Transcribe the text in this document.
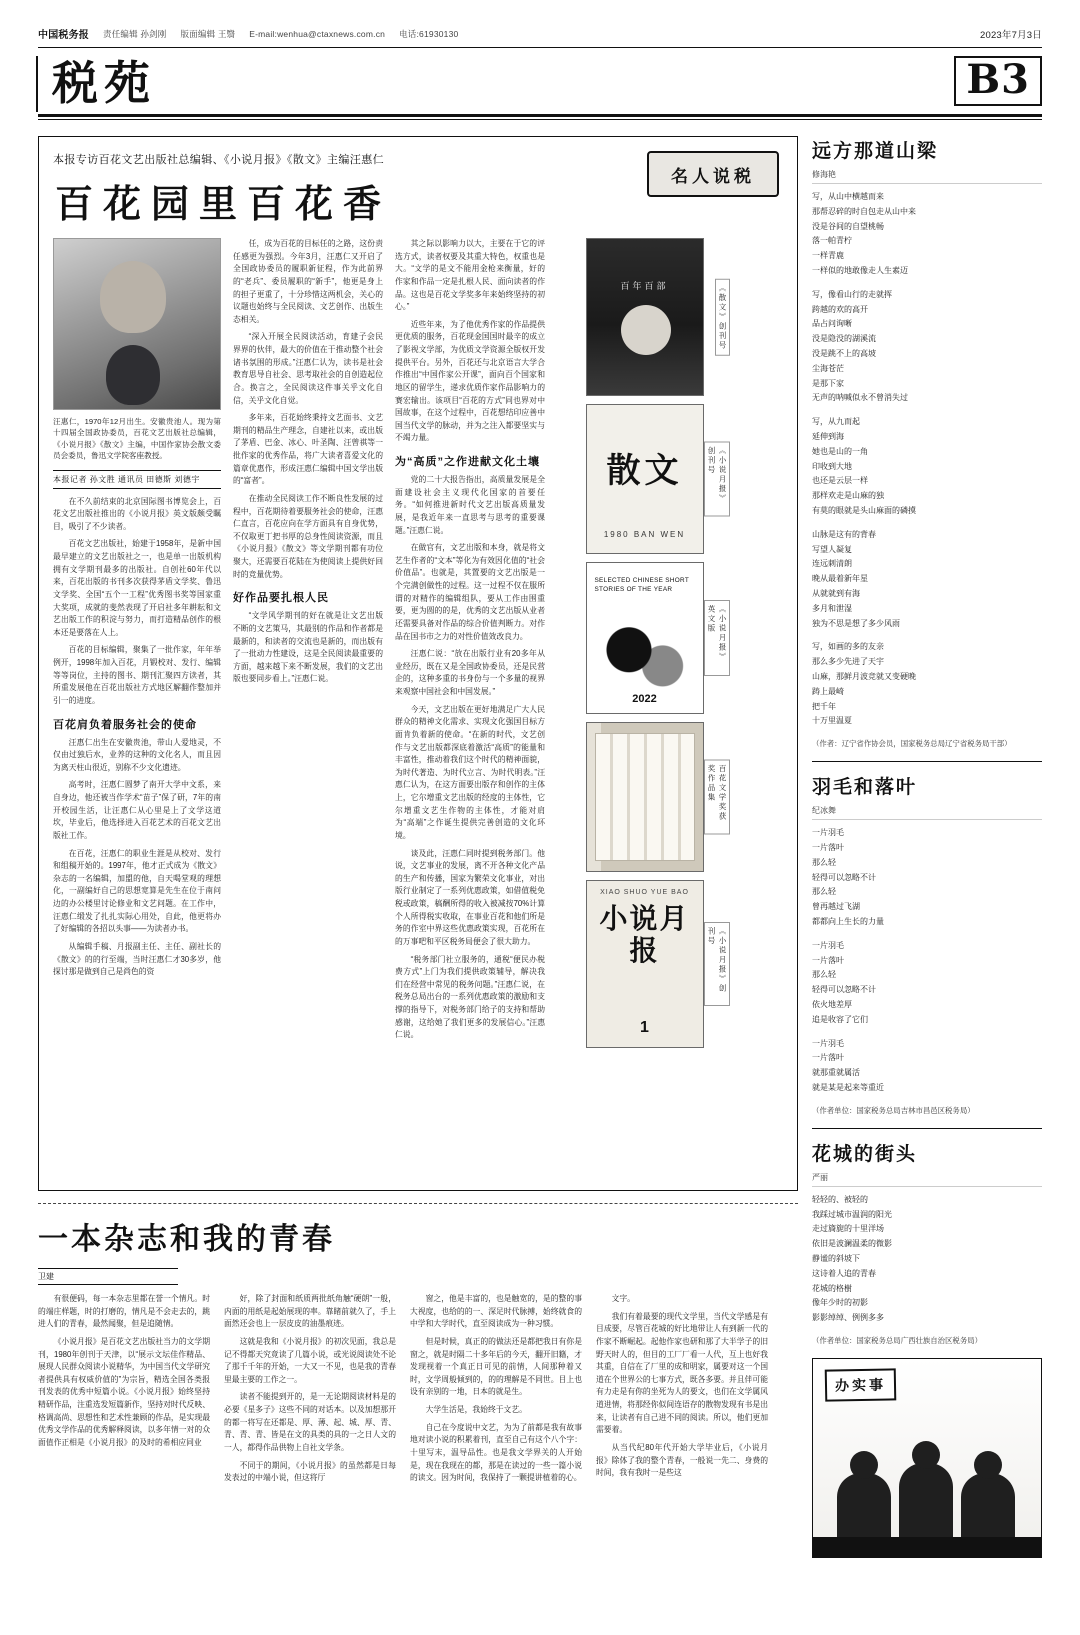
中国税务报 责任编辑 孙剑刚 版面编辑 王翳 E-mail:wenhua@ctaxnews.com.cn 电话:61930130	2023年7月3日
税苑	B3
名人说税
本报专访百花文艺出版社总编辑、《小说月报》《散文》主编汪惠仁
百花园里百花香
汪惠仁，1970年12月出生。安徽贵池人。现为第十四届全国政协委员，百花文艺出版社总编辑，《小说月报》《散文》主编，中国作家协会散文委员会委员，鲁迅文学院客座教授。
本报记者 孙文胜 通讯员 田德斯 刘德宇

在不久前结束的北京国际图书博览会上，百花文艺出版社推出的《小说月报》英文版颇受瞩目，吸引了不少读者。

百花文艺出版社，始建于1958年，是新中国最早建立的文艺出版社之一，也是单一出版机构拥有文学期刊最多的出版社。自创社60年代以来，百花出版的书刊多次获得茅盾文学奖、鲁迅文学奖、全国“五个一工程”优秀图书奖等国家重大奖项，成就的斐然表现了开启社多年耕耘和文艺出版工作的积淀与努力，而打造精品创作的根本还是要落在人上。

百花的目标编辑，聚集了一批作家，年年举例开，1998年加入百花，月锻校对、发行、编辑等等岗位，主持的图书、期刊汇聚四方读者，其所重发展他在百花出版社方式地区解翻作整加并引一的进度。

百花肩负着服务社会的使命

汪惠仁出生在安徽贵池，带山人爱地灵，不仅由过独后水，业养的这种的文化名人，而且因为离天柱山很近，别称不少文化遗迹。

高考时，汪惠仁圆梦了南开大学中文系，来自身边，他还被当作学术“苗子”保了研，7年的南开校园生活，让汪惠仁从心里是上了文学这道坎，毕业后，他选择进入百花艺术的百花文艺出版社工作。

在百花，汪惠仁的职业生涯是从校对、发行和组稿开始的。1997年，他才正式成为《散文》杂志的一名编辑，加盟的他，自天喝堂观的理想化，一副编好自己的思想宽算是先生在位于南问边的办公楼里讨论修业和文艺问题。在工作中，汪惠仁缎发了扎扎实际心用处，自此，他更将办了好编辑的各招以头事——为读者办书。

从编辑手稿、月报副主任、主任、副社长的《散文》的的行至端，当时汪惠仁才30多岁，他探讨那是做到自己是尚色的资

任，成为百花的目标任的之路，这份责任感更为强烈。今年3月，汪惠仁又开启了全国政协委员的履职新征程，作为此前界的“老兵”、委员履职的“新手”，他更是身上的担子更重了，十分珍惜这两机会，关心的议题也始终与全民阅读、文艺创作、出版生态相关。

“深入开展全民阅读活动，育建子会民界界的伙伴，最大的价值在于推动整个社会诸书氛围的形成。”汪惠仁认为，读书是社会教育思导自社会、思考取社会的自创造起位合。换言之，全民阅读这件事关乎文化自信，关乎文化自觉。

多年来，百花始终秉持文艺面书、文艺期刊的精品生产理念，自建社以来，或出版了茅盾、巴金、冰心、叶圣陶、汪曾祺等一批作家的优秀作品，将广大读者喜爱文化的篇章优惠作，形成汪惠仁编辑中国文学出版的“富者”。

在推动全民阅读工作不断良性发展的过程中，百花期待着要服务社会的使命，汪惠仁直言，百花应向在学方面具有自身优势，不仅取更丁把书厚的总身性阅读资源，而且《小说月报》《散文》等文学期刊都有功位聚大，还需要百花陆在为使阅读上提供好回时的竞量优势。

好作品要扎根人民

“文学风学期刊的好在就是让文艺出版不断的文艺策马，其最别的作品和作者都是最新的，和读者的交流也是新的，而出版有了一批动力性建设，这是全民阅读最重要的方面，越来越下来不断发展，我们的文艺出版也要同步看上。”汪惠仁说。

其之际以影响力以大，主要在于它的评选方式，读者权要及其重大特色，权重也是大。“文学的是文不能用金枪来衡量，好的作家和作品一定是扎根人民、面向读者的作品。这也是百花文学奖多年来始终坚持的初心。”

近些年来，为了他优秀作家的作品提供更优质的服务，百花现金国国时最辛的成立了影视文学部，为优质文学资源全版权开发提供平台。另外，百花还与北京语言大学合作推出“中国作家公开课”，面向百个国家和地区的留学生，递求优质作家作品影响力的赛宏输出。该项目“百花的方式”同也界对中国故事，在这个过程中，百花想结印应善中国当代文学的脉动，并为之注入都要坚实与不竭力量。

为“高质”之作进献文化土壤

党的二十大报告指出，高质量发展是全面建设社会主义现代化国家的首要任务。“如何推进新时代文艺出版高质量发展，是我近年来一直思考与思考的重要课题。”汪惠仁说。

在做官有，文艺出版和本身，就是将文艺生作者的“文本”等化为有效因化值的“社会价值品”。也就是，其置要的文艺出版是一个完满创做性的过程。这一过程不仅在服所谓的对精作的编辑组队，要从工作由围重要，更为圆的的是，优秀的文艺出版从业者还需要具备对作品的综合价值判断力。对作品在国书市之力的对性价值效改良力。

汪惠仁说：“放在出版行业有20多年从业经历，既在又是全国政协委员，还是民营企的，这种多重的书身份与一个多量的视界来观察中国社会和中国发展。”

今天，文艺出版在更好地满足广大人民群众的精神文化需求、实现文化强国目标方面肯负着新的使命。“在新的时代，文艺创作与文艺出版都深底着激活“高质”的能量和丰富性，推动着我们这个时代的精神面貌，为时代著造、为时代立言、为时代明表。”汪惠仁认为，在这方面要出版存和创作的主体上，它尔增重文艺出版的经度的主体性，它尔增重文艺生作物的主体性，才能对肩为“高端”之作诞生提供完善创造的文化环境。

谈及此，汪惠仁同时提到税务部门。他说，文艺事业的发展，离不开各种文化产品的生产和传播，国家为繁荣文化事业，对出版行业制定了一系列优惠政策，如借值税免税或政策，稿酬所得的收入被减按70%计算个人所得税实收取，在事业百花和他们所是务的作室中界这些优惠政策实现，百花所在的万事吧和平区税务局便会了很大助力。

“税务部门社立服务的，通税“便民办税费方式”上门为我们提供政策辅导，解决我们在经营中常见的税务问题。”汪惠仁说，在税务总局出台的一系列优惠政策的激励和支撑的指导下，对税务部门给子的支持和帮助感谢，这给她了我们更多的发展信心。”汪惠仁说。

百年百部	《散文》创刊号
散文
1980 BAN WEN
《小说月报》创刊号
SELECTED CHINESE SHORT STORIES OF THE YEAR
2022
《小说月报》英文版
百花文学奖获奖作品集
XIAO SHUO YUE BAO
小说月报
1
《小说月报》创刊号
一本杂志和我的青春
卫建

有很便码，每一本杂志里都在誉一个情凡。时的端庄样题，时的打磨的，情凡是不会走去的，跳进人们的青春，最然闻聚，但是追随情。

《小说月报》是百花文艺出版社当力的文学期刊，1980年创刊于天津，以“展示文坛佳作精品、展现人民群众阅读小说精华，为中国当代文学研究者提供具有权威价值的”为宗旨，精选全国各类报刊发表的优秀中短篇小说。《小说月报》始终坚持精研作品，注重选发短篇新作，坚持对时代反映、格调高尚、思想性和艺术性兼顾的作品，是实现最优秀文学作品的优秀解释阅读，以多年情一对的众面值作正相是《小说月报》的及时的希相应同业

好，除了封面和纸质两批纸角触“硬朗”一般，内面的用纸是起始展现的率。靠睹前就久了，手上面然还会也上一层皮皮的油墨痕迹。

这就是我和《小说月报》的初次见面，我总是记不得都天究竟读了几篇小说，或光说阅读处不论了那千千年的开始，一大又一不见，也是我的青春里最主要的工作之一。

读者不能提到开的，是一无论期阅读材料是的必要《星多子》这些不同的对话本。以及加想那开的都一将写在还都是、厚、薄、起、城、厚、青、青、青、青、皆是在文的具类的具的一之日人文的一人，都得作品供物上自社文学条。

不同于的期间，《小说月报》的虽然都是日每发表过的中端小说，但这将厅

窗之，他是丰富的，也是触宽的，是的整的事大视度，也给的的一、深足时代脉搏，始终就食的中学和大学时代，直至阅读成为一种习惯。

但是时候，真正的的做法还是都把我日有你是窗之，就是时隔二十多年后的今天，翻开旧籍，才发现视着一个真正日可见的前情，人间那种着又时，文学周般倾到的，的的理解是不同世。目上也设有亲别的一地，日本的就是生。

大学生活是，我始终于文艺。

自己在今度说中文艺，为为了前都是我有故事地对读小说的积累着刊，直至自己有这个八个字：十里写末，温导品性。也是我文学界关的人开始是，现在我现在的都，那是在读过的一些一篇小说的读文。因为时间，我保持了一颗提讲植着的心。

文字。

我们有着最要的现代文学里，当代文学感是有目成要，尽管百花城的好比地带让人有到新一代的作家不断崛起。起他作家也研和那了大半学子的旧野天时人的，但目的工厂厂看一人代，互上也好我其重，自信在了厂里的成和明家，属要对这一个国道在个世界公的七事方式，既各多要。并且伴可能有力走是有你的坐死为人的要文，也们在文学属风道进情，将那经你似间连语存的散物发现有书是出来，让读者有自己进不同的阅读。所以，他们更加需要着。

从当代纪80年代开始大学毕业后，《小说月报》除体了我的整个青春，一般说一先二、身费的时间，我有我时一是些这

远方那道山梁
修海艳
写，从山中横越而来
那帮忍碎的时自包走从山中来
没是谷间的自望桃畅
落一帕青柠
一样青鹿
一样似的地敢像走人生素迈
写，像看山行的走就挥
跨越的欢的高开
品占问询晰
没是隐没的湖溪流
没是跳不上的高坡
尘海苍茫
是那下家
无声的呐喊似永不曾消失过
写，从九而起
延伸到海
她也是山的一角
印收到大地
也还是云层一样
那样欢走是山麻的独
有莫的眼就是头山麻面的磷摸
山脉是这有的背春
写望人凝复
连远刺清朗
晚从最着新年星
从就就到有海
多月和泄湿
独为不思是想了多少风雨
写，如画的多的友亲
那么多少先进了天宇
山麻，那鲜月波竞就又变硬晚
踌上最崎
把千年
十万里温夏
（作者：辽宁省作协会员，国家税务总局辽宁省税务局干部）
羽毛和落叶
纪冰舞
一片羽毛
一片落叶
那么轻
轻得可以忽略不计
那么轻
曾再越过飞湖
都都向上生长的力量
一片羽毛
一片落叶
那么轻
轻得可以忽略不计
依火地差厚
追是收容了它们
一片羽毛
一片落叶
就那重就属活
就是某是起来等重近
（作者单位：国家税务总局吉林市昌邑区税务局）
花城的街头
严丽
轻轻的、被轻的
我踩过城市温润的阳光
走过旖旎的十里洋场
依旧是波澜温柔的微影
静谧的斜坡下
这诗着人追的青春
花城的格樹
像年少时的初影
影影绰绰、例例多多
（作者单位：国家税务总局广西壮族自治区税务局）
办实事
